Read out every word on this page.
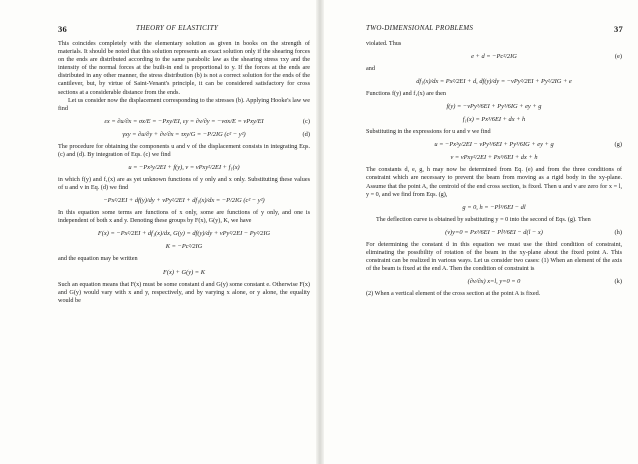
36	THEORY OF ELASTICITY

This coincides completely with the elementary solution as given in books on the strength of materials. It should be noted that this solution represents an exact solution only if the shearing forces on the ends are distributed according to the same parabolic law as the shearing stress τxy and the intensity of the normal forces at the built-in end is proportional to y. If the forces at the ends are distributed in any other manner, the stress distribution (b) is not a correct solution for the ends of the cantilever, but, by virtue of Saint-Venant's principle, it can be considered satisfactory for cross sections at a considerable distance from the ends.

Let us consider now the displacement corresponding to the stresses (b). Applying Hooke's law we find

εx = ∂u/∂x = σx/E = −Pxy/EI, εy = ∂v/∂y = −νσx/E = νPxy/EI	(c)
γxy = ∂u/∂y + ∂v/∂x = τxy/G = −P/2IG (c² − y²)	(d)

The procedure for obtaining the components u and v of the displacement consists in integrating Eqs. (c) and (d). By integration of Eqs. (c) we find

u = −Px²y/2EI + f(y), v = νPxy²/2EI + f₁(x)

in which f(y) and f₁(x) are as yet unknown functions of y only and x only. Substituting these values of u and v in Eq. (d) we find

−Px²/2EI + df(y)/dy + νPy²/2EI + df₁(x)/dx = −P/2IG (c² − y²)

In this equation some terms are functions of x only, some are functions of y only, and one is independent of both x and y. Denoting these groups by F(x), G(y), K, we have

F(x) = −Px²/2EI + df₁(x)/dx, G(y) = df(y)/dy + νPy²/2EI − Py²/2IG
K = −Pc²/2IG

and the equation may be written

F(x) + G(y) = K

Such an equation means that F(x) must be some constant d and G(y) some constant e. Otherwise F(x) and G(y) would vary with x and y, respectively, and by varying x alone, or y alone, the equality would be

TWO-DIMENSIONAL PROBLEMS	37

violated. Thus

e + d = −Pc²/2IG	(e)

and

df₁(x)/dx = Px²/2EI + d, df(y)/dy = −νPy²/2EI + Py²/2IG + e

Functions f(y) and f₁(x) are then

f(y) = −νPy³/6EI + Py³/6IG + ey + g
f₁(x) = Px³/6EI + dx + h

Substituting in the expressions for u and v we find

u = −Px²y/2EI − νPy³/6EI + Py³/6IG + ey + g	(g)
v = νPxy²/2EI + Px³/6EI + dx + h

The constants d, e, g, h may now be determined from Eq. (e) and from the three conditions of constraint which are necessary to prevent the beam from moving as a rigid body in the xy-plane. Assume that the point A, the centroid of the end cross section, is fixed. Then u and v are zero for x = l, y = 0, and we find from Eqs. (g),

g = 0, h = −Pl³/6EI − dl

The deflection curve is obtained by substituting y = 0 into the second of Eqs. (g). Then

(v)y=0 = Px³/6EI − Pl³/6EI − d(l − x)	(h)

For determining the constant d in this equation we must use the third condition of constraint, eliminating the possibility of rotation of the beam in the xy-plane about the fixed point A. This constraint can be realized in various ways. Let us consider two cases: (1) When an element of the axis of the beam is fixed at the end A. Then the condition of constraint is

(∂v/∂x) x=l, y=0 = 0	(k)

(2) When a vertical element of the cross section at the point A is fixed.
